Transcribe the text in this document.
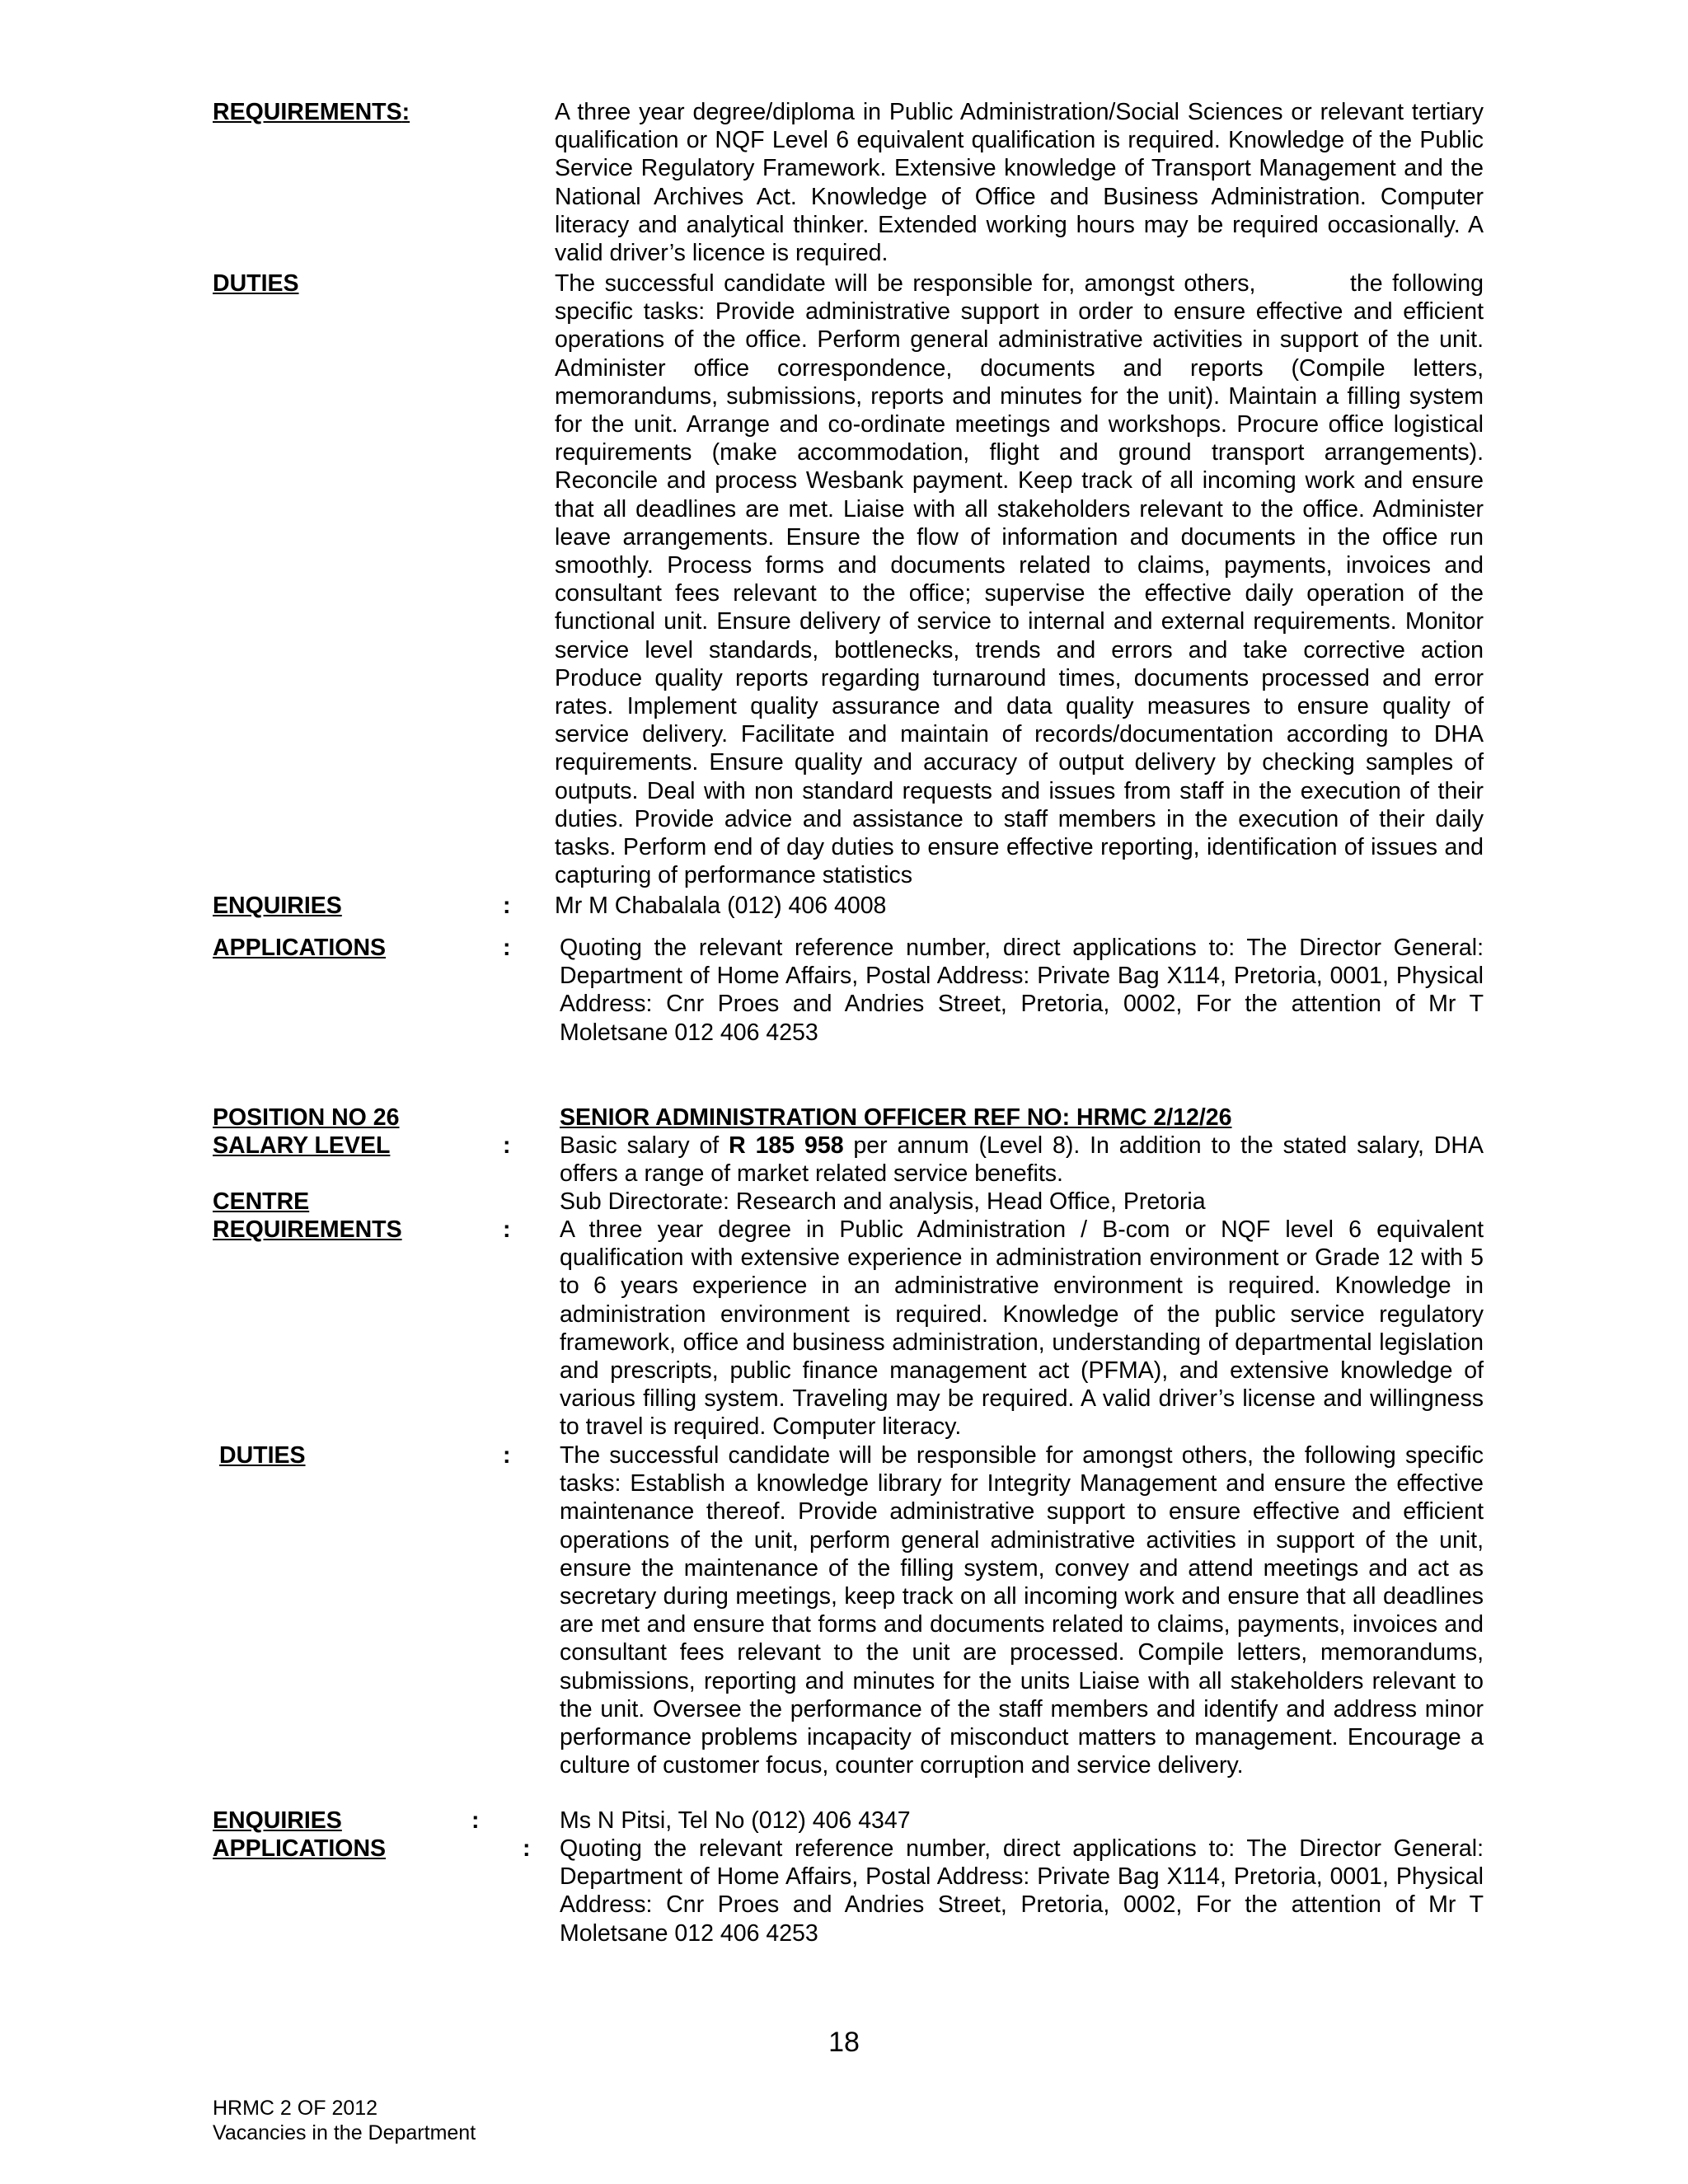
REQUIREMENTS:	A three year degree/diploma in Public Administration/Social Sciences or relevant tertiary qualification or NQF Level 6 equivalent qualification is required. Knowledge of the Public Service Regulatory Framework. Extensive knowledge of Transport Management and the National Archives Act. Knowledge of Office and Business Administration. Computer literacy and analytical thinker. Extended working hours may be required occasionally. A valid driver’s licence is required.
DUTIES	The successful candidate will be responsible for, amongst others,          the following specific tasks: Provide administrative support in order to ensure effective and efficient operations of the office. Perform general administrative activities in support of the unit. Administer office correspondence, documents and reports (Compile letters, memorandums, submissions, reports and minutes for the unit). Maintain a filling system for the unit. Arrange and co-ordinate meetings and workshops. Procure office logistical requirements (make accommodation, flight and ground transport arrangements). Reconcile and process Wesbank payment. Keep track of all incoming work and ensure that all deadlines are met. Liaise with all stakeholders relevant to the office. Administer leave arrangements. Ensure the flow of information and documents in the office run smoothly. Process forms and documents related to claims, payments, invoices and consultant fees relevant to the office; supervise the effective daily operation of the functional unit. Ensure delivery of service to internal and external requirements. Monitor service level standards, bottlenecks, trends and errors and take corrective action Produce quality reports regarding turnaround times, documents processed and error rates. Implement quality assurance and data quality measures to ensure quality of service delivery. Facilitate and maintain of records/documentation according to DHA requirements. Ensure quality and accuracy of output delivery by checking samples of outputs. Deal with non standard requests and issues from staff in the execution of their duties. Provide advice and assistance to staff members in the execution of their daily tasks. Perform end of day duties to ensure effective reporting, identification of issues and capturing of performance statistics
ENQUIRIES	: Mr M Chabalala (012) 406 4008
APPLICATIONS	: Quoting the relevant reference number, direct applications to: The Director General: Department of Home Affairs, Postal Address: Private Bag X114, Pretoria, 0001, Physical Address: Cnr Proes and Andries Street, Pretoria, 0002, For the attention of Mr T Moletsane 012 406 4253
POSITION NO 26	SENIOR ADMINISTRATION OFFICER REF NO: HRMC 2/12/26
SALARY LEVEL	: Basic salary of R 185 958 per annum (Level 8). In addition to the stated salary, DHA offers a range of market related service benefits.
CENTRE	Sub Directorate: Research and analysis, Head Office, Pretoria
REQUIREMENTS	: A three year degree in Public Administration / B-com or NQF level 6 equivalent qualification with extensive experience in administration environment or Grade 12 with 5 to 6 years experience in an administrative environment is required. Knowledge in administration environment is required. Knowledge of the public service regulatory framework, office and business administration, understanding of departmental legislation and prescripts, public finance management act (PFMA), and extensive knowledge of various filling system. Traveling may be required. A valid driver’s license and willingness to travel is required. Computer literacy.
DUTIES	: The successful candidate will be responsible for amongst others, the following specific tasks: Establish a knowledge library for Integrity Management and ensure the effective maintenance thereof. Provide administrative support to ensure effective and efficient operations of the unit, perform general administrative activities in support of the unit, ensure the maintenance of the filling system, convey and attend meetings and act as secretary during meetings, keep track on all incoming work and ensure that all deadlines are met and ensure that forms and documents related to claims, payments, invoices and consultant fees relevant to the unit are processed. Compile letters, memorandums, submissions, reporting and minutes for the units Liaise with all stakeholders relevant to the unit. Oversee the performance of the staff members and identify and address minor performance problems incapacity of misconduct matters to management. Encourage a culture of customer focus, counter corruption and service delivery.
ENQUIRIES	:	Ms N Pitsi, Tel No (012) 406 4347
APPLICATIONS	: Quoting the relevant reference number, direct applications to: The Director General: Department of Home Affairs, Postal Address: Private Bag X114, Pretoria, 0001, Physical Address: Cnr Proes and Andries Street, Pretoria, 0002, For the attention of Mr T Moletsane 012 406 4253
18
HRMC 2 OF 2012
Vacancies in the Department
